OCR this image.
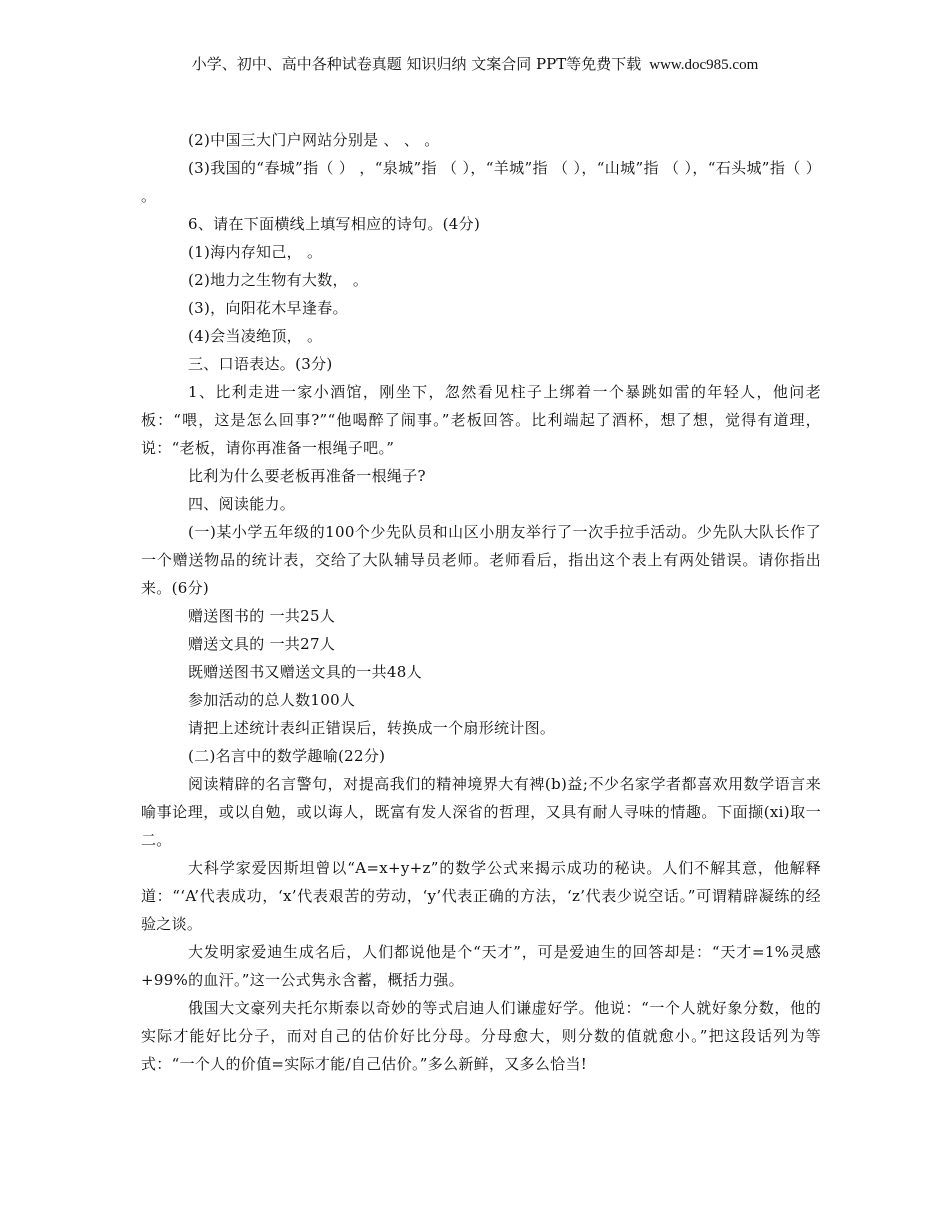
小学、初中、高中各种试卷真题 知识归纳 文案合同 PPT等免费下载 www.doc985.com

(2)中国三大门户网站分别是 、 、 。

(3)我国的“春城”指（ ） ，“泉城”指 （ ），“羊城”指 （ ），“山城”指 （ ），“石头城”指（ ） 。

6、请在下面横线上填写相应的诗句。(4分)

(1)海内存知己， 。

(2)地力之生物有大数， 。

(3)，向阳花木早逢春。

(4)会当凌绝顶， 。

三、口语表达。(3分)

1、比利走进一家小酒馆，刚坐下，忽然看见柱子上绑着一个暴跳如雷的年轻人，他问老板：“喂，这是怎么回事?”“他喝醉了闹事。”老板回答。比利端起了酒杯，想了想，觉得有道理，说：“老板，请你再准备一根绳子吧。”

比利为什么要老板再准备一根绳子?

四、阅读能力。

(一)某小学五年级的100个少先队员和山区小朋友举行了一次手拉手活动。少先队大队长作了一个赠送物品的统计表，交给了大队辅导员老师。老师看后，指出这个表上有两处错误。请你指出来。(6分)

赠送图书的 一共25人

赠送文具的 一共27人

既赠送图书又赠送文具的一共48人

参加活动的总人数100人

请把上述统计表纠正错误后，转换成一个扇形统计图。

(二)名言中的数学趣喻(22分)

阅读精辟的名言警句，对提高我们的精神境界大有裨(b)益;不少名家学者都喜欢用数学语言来喻事论理，或以自勉，或以诲人，既富有发人深省的哲理，又具有耐人寻味的情趣。下面撷(xi)取一二。

大科学家爱因斯坦曾以“A=x+y+z”的数学公式来揭示成功的秘诀。人们不解其意，他解释道：“‘A’代表成功，‘x’代表艰苦的劳动，‘y’代表正确的方法，‘z’代表少说空话。”可谓精辟凝练的经验之谈。

大发明家爱迪生成名后，人们都说他是个“天才”，可是爱迪生的回答却是：“天才=1%灵感+99%的血汗。”这一公式隽永含蓄，概括力强。

俄国大文豪列夫托尔斯泰以奇妙的等式启迪人们谦虚好学。他说：“一个人就好象分数，他的实际才能好比分子，而对自己的估价好比分母。分母愈大，则分数的值就愈小。”把这段话列为等式：“一个人的价值=实际才能/自己估价。”多么新鲜，又多么恰当!
